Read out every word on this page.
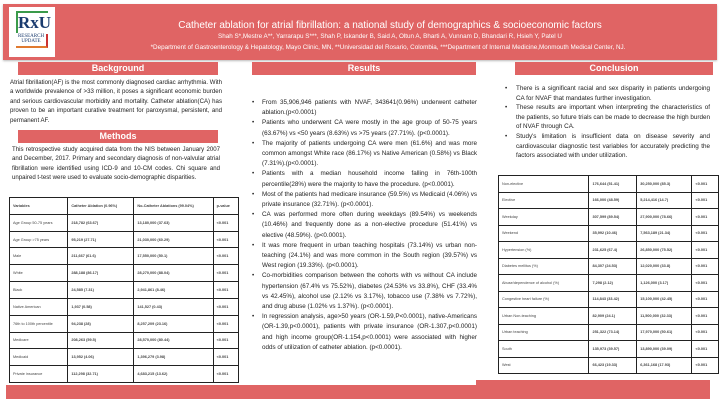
RxU
RESEARCH
UPDATE
Catheter ablation for atrial fibrillation: a national study of demographics & socioeconomic factors
Shah S*,Mestre A**, Yarrarapu S***, Shah P, Iskander B, Said A, Oltun A, Bharti A, Vunnam D, Bhandari R, Hsieh Y, Patel U
*Department of Gastroenterology & Hepatology, Mayo Clinic, MN, **Universidad del Rosario, Colombia, ***Department of Internal Medicine,Monmouth Medical Center, NJ.
Background
Atrial fibrillation(AF) is the most commonly diagnosed cardiac arrhythmia. With a worldwide prevalence of >33 million, it poses a significant economic burden and serious cardiovascular morbidity and mortality. Catheter ablation(CA) has proven to be an important curative treatment for paroxysmal, persistent, and permanent AF.
Methods
This retrospective study acquired data from the NIS between January 2007 and December, 2017. Primary and secondary diagnosis of non-valvular atrial fibrillation were identified using ICD-9 and 10-CM codes. Chi square and unpaired t-test were used to evaluate socio-demographic disparities.
Variables	Catheter Ablation (0.96%)	No-Catheter Ablations (99.04%)	p-value
Age Group 50-75 years	218,782 (63.67)	13,180,000 (37.63)	<0.001
Age Group >75 years	95,219 (27.71)	21,030,000 (60.29)	<0.001
Male	211,667 (61.6)	17,550,000 (50.1)	<0.001
White	288,188 (86.17)	28,270,000 (88.04)	<0.001
Black	24,585 (7.31)	2,941,861 (8.46)	<0.001
Native American	1,937 (0.58)	141,527 (0.43)	<0.001
76th to 100th percentile	94,238 (28)	8,257,209 (23.16)	<0.001
Medicare	208,263 (59.5)	28,570,000 (80.44)	<0.001
Medicaid	13,952 (4.06)	1,396,279 (3.98)	<0.001
Private insurance	112,298 (32.71)	4,683,215 (13.62)	<0.001
Results
• From 35,906,946 patients with NVAF, 343641(0.96%) underwent catheter ablation.(p<0.0001)
• Patients who underwent CA were mostly in the age group of 50-75 years (63.67%) vs <50 years (8.63%) vs >75 years (27.71%). (p<0.0001).
• The majority of patients undergoing CA were men (61.6%) and was more common amongst White race (86.17%) vs Native American (0.58%) vs Black (7.31%).(p<0.0001).
• Patients with a median household income falling in 76th-100th percentile(28%) were the majority to have the procedure. (p<0.0001).
• Most of the patients had medicare insurance (59.5%) vs Medicaid (4.06%) vs private insurance (32.71%). (p<0.0001).
• CA was performed more often during weekdays (89.54%) vs weekends (10.46%) and frequently done as a non-elective procedure (51.41%) vs elective (48.59%). (p<0.0001).
• It was more frequent in urban teaching hospitals (73.14%) vs urban non-teaching (24.1%) and was more common in the South region (39.57%) vs West region (19.33%). (p<0.0001).
• Co-morbidities comparison between the cohorts with vs without CA include hypertension (67.4% vs 75.52%), diabetes (24.53% vs 33.8%), CHF (33.4% vs 42.45%), alcohol use (2.12% vs 3.17%), tobacco use (7.38% vs 7.72%), and drug abuse (1.02% vs 1.37%). (p<0.0001).
• In regression analysis, age>50 years (OR-1.59,P<0.0001), native-Americans (OR-1.39,p<0.0001), patients with private insurance (OR-1.307,p<0.0001) and high income group(OR-1.154,p<0.0001) were associated with higher odds of utilization of catheter ablation. (p<0.0001).
Conclusion
• There is a significant racial and sex disparity in patients undergoing CA for NVAF that mandates further investigation.
• These results are important when interpreting the characteristics of the patients, so future trials can be made to decrease the high burden of NVAF through CA.
• Study's limitation is insufficient data on disease severity and cardiovascular diagnostic test variables for accurately predicting the factors associated with under utilization.
Non-elective	176,644 (51.41)	30,250,000 (85.3)	<0.001
Elective	166,000 (48.59)	5,214,416 (14.7)	<0.001
Weekday	307,599 (89.54)	27,900,000 (78.66)	<0.001
Weekend	35,992 (10.46)	7,563,189 (21.34)	<0.001
Hypertension (%)	231,625 (67.4)	26,850,000 (75.52)	<0.001
Diabetes mellitus (%)	84,307 (24.53)	12,020,000 (33.8)	<0.001
Abuse/dependence of alcohol (%)	7,298 (2.12)	1,126,000 (3.17)	<0.001
Congestive heart failure (%)	114,843 (33.42)	15,100,000 (42.45)	<0.001
Urban Non-teaching	82,909 (24.1)	11,500,000 (32.33)	<0.001
Urban teaching	251,322 (73.14)	17,970,000 (50.61)	<0.001
South	135,973 (39.57)	13,890,000 (39.09)	<0.001
West	66,423 (19.33)	6,361,168 (17.93)	<0.001
